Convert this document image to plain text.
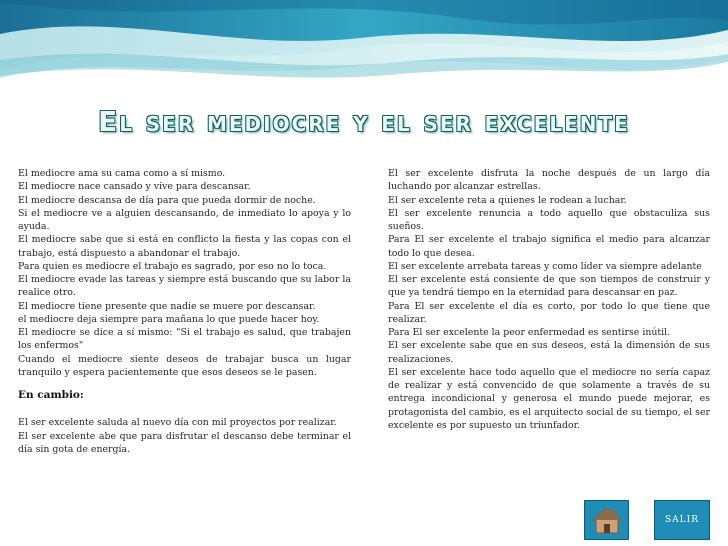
El ser mediocre y el ser excelente

El mediocre ama su cama como a sí mismo.

El mediocre nace cansado y vive para descansar.

El mediocre descansa de día para que pueda dormir de noche.

Si el mediocre ve a alguien descansando, de inmediato lo apoya y lo ayuda.

El mediocre sabe que si está en conflicto la fiesta y las copas con el trabajo, está dispuesto a abandonar el trabajo.

Para quien es mediocre el trabajo es sagrado, por eso no lo toca.

El mediocre evade las tareas y siempre está buscando que su labor la realice otro.

El mediocre tiene presente que nadie se muere por descansar.

el mediocre deja siempre para mañana lo que puede hacer hoy.

El mediocre se dice a sí mismo: "Si el trabajo es salud, que trabajen los enfermos"

Cuando el mediocre siente deseos de trabajar busca un lugar tranquilo y espera pacientemente que esos deseos se le pasen.

En cambio:

El ser excelente saluda al nuevo día con mil proyectos por realizar.

El ser excelente abe que para disfrutar el descanso debe terminar el día sin gota de energía.

El ser excelente disfruta la noche después de un largo día luchando por alcanzar estrellas.

El ser excelente reta a quienes le rodean a luchar.

El ser excelente renuncia a todo aquello que obstaculiza sus sueños.

Para El ser excelente el trabajo significa el medio para alcanzar todo lo que desea.

El ser excelente arrebata tareas y como líder va siempre adelante

El ser excelente está consiente de que son tiempos de construir y que ya tendrá tiempo en la eternidad para descansar en paz.

Para El ser excelente el día es corto, por todo lo que tiene que realizar.

Para El ser excelente la peor enfermedad es sentirse inútil.

El ser excelente sabe que en sus deseos, está la dimensión de sus realizaciones.

El ser excelente hace todo aquello que el mediocre no sería capaz de realizar y está convencido de que solamente a través de su entrega incondicional y generosa el mundo puede mejorar, es protagonista del cambio, es el arquitecto social de su tiempo, el ser excelente es por supuesto un triunfador.

SALIR
